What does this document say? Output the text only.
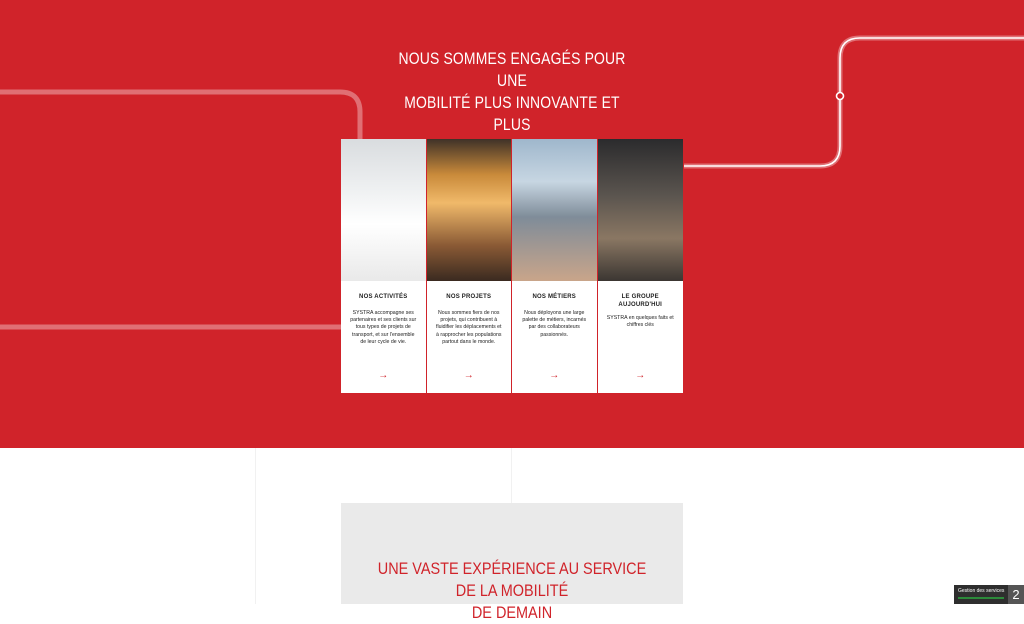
NOUS SOMMES ENGAGÉS POUR UNE
MOBILITÉ PLUS INNOVANTE ET PLUS

NOS ACTIVITÉS

SYSTRA accompagne ses partenaires et ses clients sur tous types de projets de transport, et sur l'ensemble de leur cycle de vie.

→
NOS PROJETS

Nous sommes fiers de nos projets, qui contribuent à fluidifier les déplacements et à rapprocher les populations partout dans le monde.

→
NOS MÉTIERS

Nous déployons une large palette de métiers, incarnés par des collaborateurs passionnés.

→
LE GROUPE
AUJOURD'HUI

SYSTRA en quelques faits et chiffres clés

→
UNE VASTE EXPÉRIENCE AU SERVICE DE LA MOBILITÉ
DE DEMAIN
Gestion des services 2
